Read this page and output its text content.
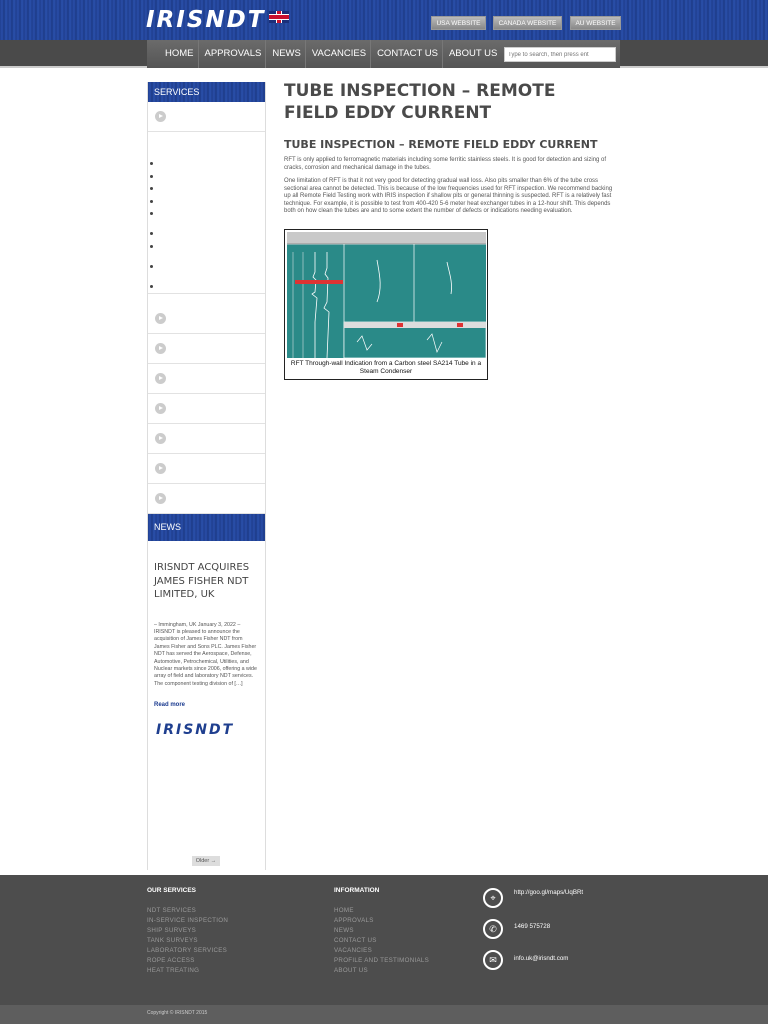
IRISNDT	USA WEBSITE	CANADA WEBSITE	AU WEBSITE
HOME	APPROVALS	NEWS	VACANCIES	CONTACT US	ABOUT US
Type to search, then press ent
SERVICES
NEWS
IRISNDT ACQUIRES JAMES FISHER NDT LIMITED, UK
– Immingham, UK January 3, 2022 – IRISNDT is pleased to announce the acquisition of James Fisher NDT from James Fisher and Sons PLC. James Fisher NDT has served the Aerospace, Defense, Automotive, Petrochemical, Utilities, and Nuclear markets since 2006, offering a wide array of field and laboratory NDT services. The component testing division of […]
Read more
IRISNDT
Older →
TUBE INSPECTION – REMOTE FIELD EDDY CURRENT
TUBE INSPECTION – REMOTE FIELD EDDY CURRENT

RFT is only applied to ferromagnetic materials including some ferritic stainless steels. It is good for detection and sizing of cracks, corrosion and mechanical damage in the tubes.

One limitation of RFT is that it not very good for detecting gradual wall loss. Also pits smaller than 6% of the tube cross sectional area cannot be detected. This is because of the low frequencies used for RFT inspection. We recommend backing up all Remote Field Testing work with IRIS inspection if shallow pits or general thinning is suspected. RFT is a relatively fast technique. For example, it is possible to test from 400-420 5-6 meter heat exchanger tubes in a 12-hour shift. This depends both on how clean the tubes are and to some extent the number of defects or indications needing evaluation.

RFT Through-wall Indication from a Carbon steel SA214 Tube in a Steam Condenser
OUR SERVICES
NDT SERVICES
IN-SERVICE INSPECTION
SHIP SURVEYS
TANK SURVEYS
LABORATORY SERVICES
ROPE ACCESS
HEAT TREATING
INFORMATION
HOME
APPROVALS
NEWS
CONTACT US
VACANCIES
PROFILE AND TESTIMONIALS
ABOUT US
⌖
http://goo.gl/maps/UqBRt
✆	1469 575728
✉	info.uk@irisndt.com
Copyright © IRISNDT 2015
